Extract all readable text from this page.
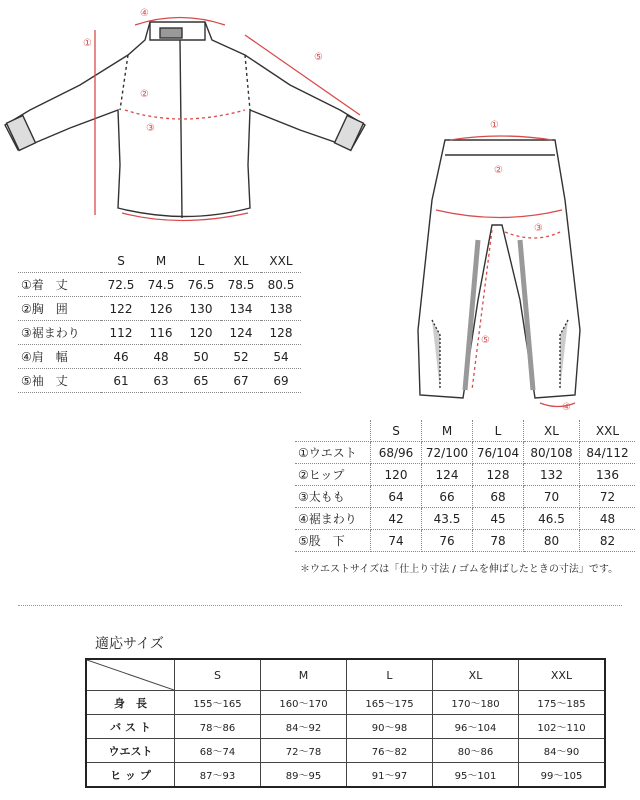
①
②
③
④
⑤
①
②
③
④
⑤
	S	M	L	XL	XXL
①着　丈	72.5	74.5	76.5	78.5	80.5
②胸　囲	122	126	130	134	138
③裾まわり	112	116	120	124	128
④肩　幅	46	48	50	52	54
⑤袖　丈	61	63	65	67	69
	S	M	L	XL	XXL
①ウエスト	68/96	72/100	76/104	80/108	84/112
②ヒップ	120	124	128	132	136
③太もも	64	66	68	70	72
④裾まわり	42	43.5	45	46.5	48
⑤股　下	74	76	78	80	82
＊ウエストサイズは「仕上り寸法 / ゴムを伸ばしたときの寸法」です。
適応サイズ
	S	M	L	XL	XXL
身　長	155〜165	160〜170	165〜175	170〜180	175〜185
バ ス ト	78〜86	84〜92	90〜98	96〜104	102〜110
ウエスト	68〜74	72〜78	76〜82	80〜86	84〜90
ヒ ッ プ	87〜93	89〜95	91〜97	95〜101	99〜105
